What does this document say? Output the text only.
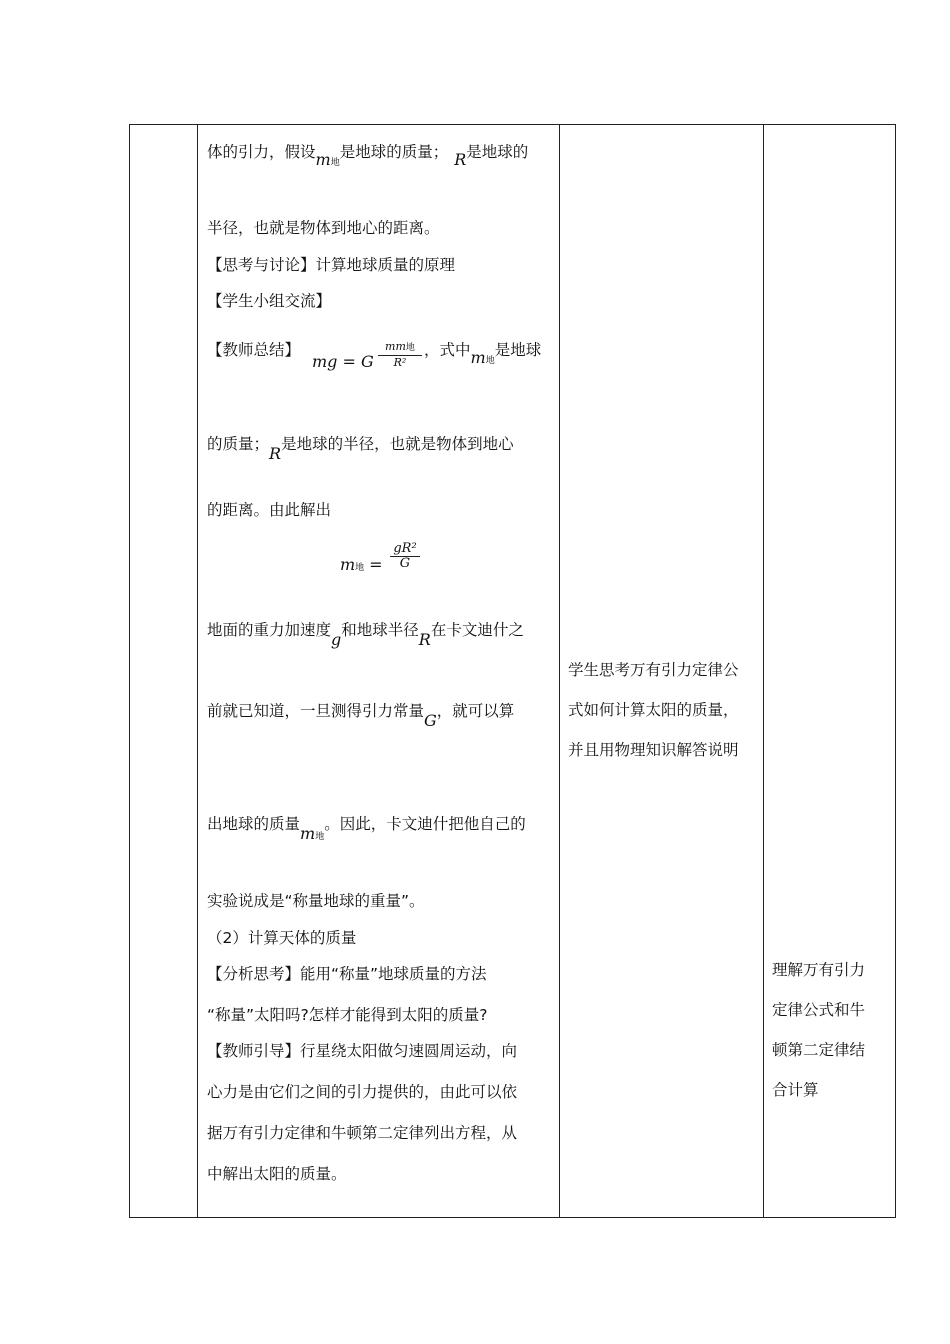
体的引力，假设m地是地球的质量； R是地球的
半径，也就是物体到地心的距离。
【思考与讨论】计算地球质量的原理
【学生小组交流】
【教师总结】
mg = G
mm地
R²
，式中m地是地球
的质量；R是地球的半径，也就是物体到地心
的距离。由此解出
m地 =
gR²
G
地面的重力加速度g和地球半径R在卡文迪什之
前就已知道，一旦测得引力常量G，就可以算
出地球的质量m地。因此，卡文迪什把他自己的
实验说成是“称量地球的重量”。
（2）计算天体的质量
【分析思考】能用“称量”地球质量的方法
“称量”太阳吗?怎样才能得到太阳的质量?
【教师引导】行星绕太阳做匀速圆周运动，向
心力是由它们之间的引力提供的，由此可以依
据万有引力定律和牛顿第二定律列出方程，从
中解出太阳的质量。
学生思考万有引力定律公
式如何计算太阳的质量，
并且用物理知识解答说明
理解万有引力
定律公式和牛
顿第二定律结
合计算
